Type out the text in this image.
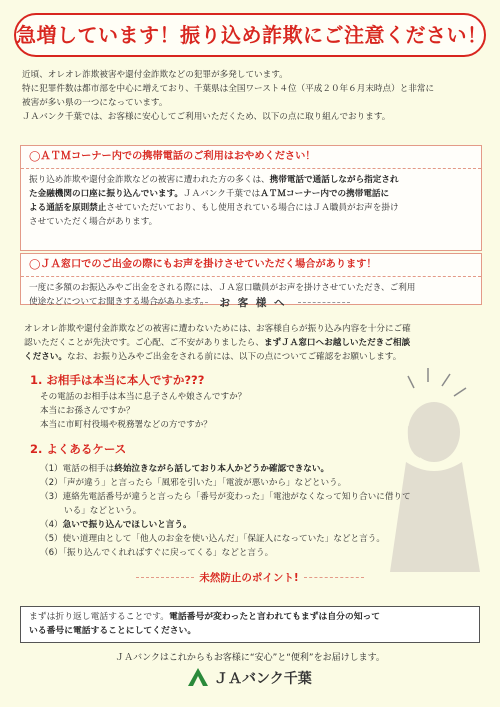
急増しています！振り込め詐欺にご注意ください！

近頃、オレオレ詐欺被害や還付金詐欺などの犯罪が多発しています。

特に犯罪件数は都市部を中心に増えており、千葉県は全国ワースト４位（平成２０年６月末時点）と非常に

被害が多い県の一つになっています。

ＪＡバンク千葉では、お客様に安心してご利用いただくため、以下の点に取り組んでおります。

◯ＡＴＭコーナー内での携帯電話のご利用はおやめください！

振り込め詐欺や還付金詐欺などの被害に遭われた方の多くは、携帯電話で通話しながら指定され

た金融機関の口座に振り込んでいます。ＪＡバンク千葉ではＡＴＭコーナー内での携帯電話に

よる通話を原則禁止させていただいており、もし使用されている場合にはＪＡ職員がお声を掛け

させていただく場合があります。

◯ＪＡ窓口でのご出金の際にもお声を掛けさせていただく場合があります！

一度に多額のお振込みやご出金をされる際には、ＪＡ窓口職員がお声を掛けさせていただき、ご利用

使途などについてお聞きする場合があります。	お 客 様 へ

オレオレ詐欺や還付金詐欺などの被害に遭わないためには、お客様自らが振り込み内容を十分にご確

認いただくことが先決です。ご心配、ご不安がありましたら、まずＪＡ窓口へお越しいただきご相談

ください。なお、お振り込みやご出金をされる前には、以下の点についてご確認をお願いします。

1. お相手は本当に本人ですか???

その電話のお相手は本当に息子さんや娘さんですか？

本当にお孫さんですか？

本当に市町村役場や税務署などの方ですか？

2. よくあるケース

（1）電話の相手は終始泣きながら話しており本人かどうか確認できない。

（2）「声が違う」と言ったら「風邪を引いた」「電波が悪いから」などという。

（3）連絡先電話番号が違うと言ったら「番号が変わった」「電池がなくなって知り合いに借りて

いる」などという。

（4）急いで振り込んでほしいと言う。

（5）使い道理由として「他人のお金を使い込んだ」「保証人になっていた」などと言う。

（6）「振り込んでくれればすぐに戻ってくる」などと言う。

未然防止のポイント!

まずは折り返し電話することです。電話番号が変わったと言われてもまずは自分の知って

いる番号に電話することにしてください。

ＪＡバンクはこれからもお客様に“安心”と“便利”をお届けします。
ＪＡバンク千葉
